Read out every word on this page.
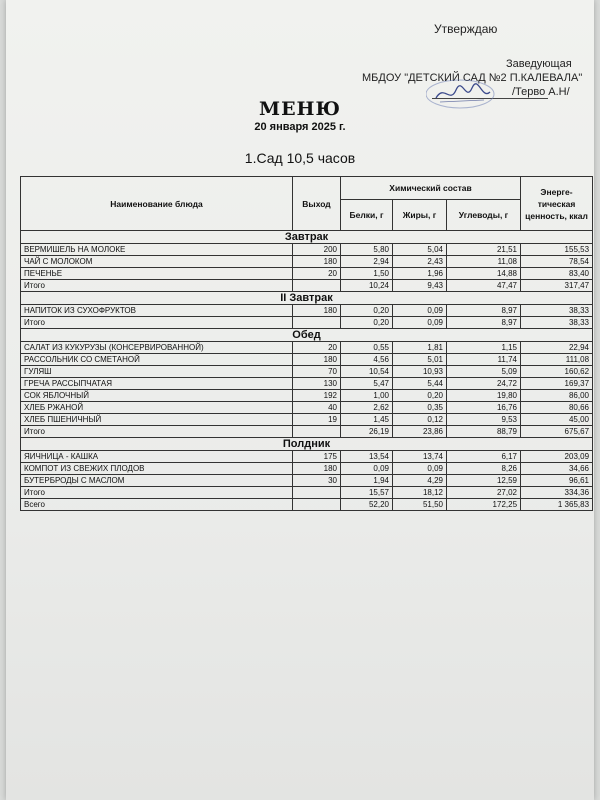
Утверждаю
Заведующая
МБДОУ "ДЕТСКИЙ САД №2 П.КАЛЕВАЛА"
/Терво А.Н/
МЕНЮ
20 января 2025 г.
1.Сад 10,5 часов
Наименование блюда	Выход	Химический состав			Энерге-тическая ценность, ккал
		Белки, г	Жиры, г	Углеводы, г	
Завтрак					
ВЕРМИШЕЛЬ НА МОЛОКЕ	200	5,80	5,04	21,51	155,53
ЧАЙ С МОЛОКОМ	180	2,94	2,43	11,08	78,54
ПЕЧЕНЬЕ	20	1,50	1,96	14,88	83,40
Итого		10,24	9,43	47,47	317,47
II Завтрак					
НАПИТОК ИЗ СУХОФРУКТОВ	180	0,20	0,09	8,97	38,33
Итого		0,20	0,09	8,97	38,33
Обед					
САЛАТ ИЗ КУКУРУЗЫ (КОНСЕРВИРОВАННОЙ)	20	0,55	1,81	1,15	22,94
РАССОЛЬНИК СО СМЕТАНОЙ	180	4,56	5,01	11,74	111,08
ГУЛЯШ	70	10,54	10,93	5,09	160,62
ГРЕЧА РАССЫПЧАТАЯ	130	5,47	5,44	24,72	169,37
СОК ЯБЛОЧНЫЙ	192	1,00	0,20	19,80	86,00
ХЛЕБ РЖАНОЙ	40	2,62	0,35	16,76	80,66
ХЛЕБ ПШЕНИЧНЫЙ	19	1,45	0,12	9,53	45,00
Итого		26,19	23,86	88,79	675,67
Полдник					
ЯИЧНИЦА - КАШКА	175	13,54	13,74	6,17	203,09
КОМПОТ ИЗ СВЕЖИХ ПЛОДОВ	180	0,09	0,09	8,26	34,66
БУТЕРБРОДЫ С МАСЛОМ	30	1,94	4,29	12,59	96,61
Итого		15,57	18,12	27,02	334,36
Всего		52,20	51,50	172,25	1 365,83
